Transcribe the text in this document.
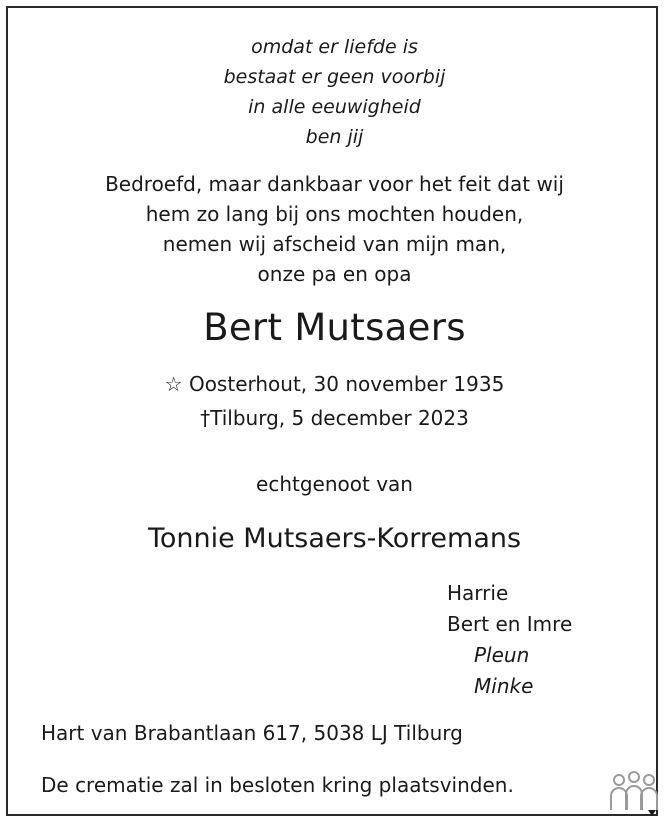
omdat er liefde is
bestaat er geen voorbij
in alle eeuwigheid
ben jij
Bedroefd, maar dankbaar voor het feit dat wij
hem zo lang bij ons mochten houden,
nemen wij afscheid van mijn man,
onze pa en opa
Bert Mutsaers
☆ Oosterhout, 30 november 1935
†Tilburg, 5 december 2023
echtgenoot van
Tonnie Mutsaers-Korremans
Harrie
Bert en Imre
Pleun
Minke
Hart van Brabantlaan 617, 5038 LJ Tilburg
De crematie zal in besloten kring plaatsvinden.
